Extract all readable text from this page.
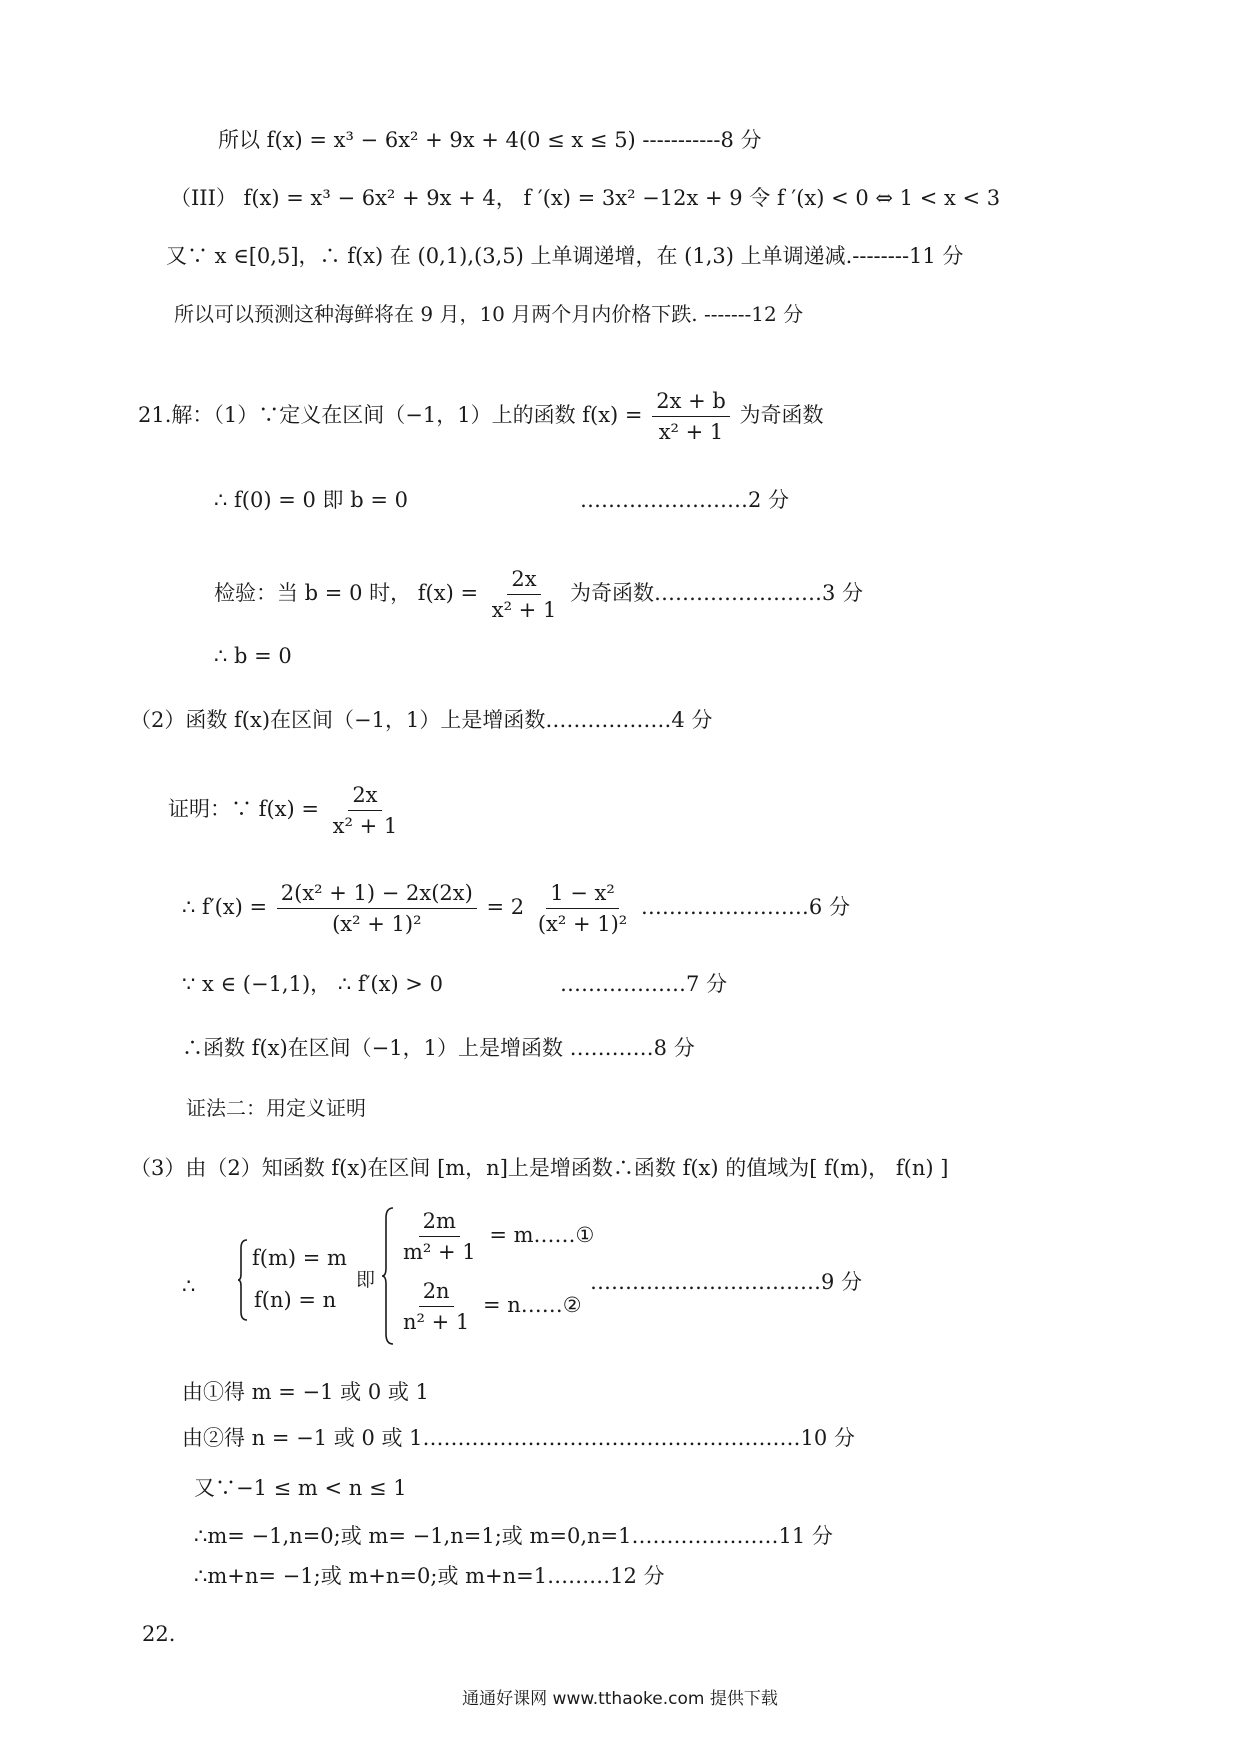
所以 f(x) = x³ − 6x² + 9x + 4(0 ≤ x ≤ 5) -----------8 分
（III） f(x) = x³ − 6x² + 9x + 4， f ′(x) = 3x² −12x + 9 令 f ′(x) < 0 ⇔ 1 < x < 3
又∵ x ∈[0,5]，∴ f(x) 在 (0,1),(3,5) 上单调递增，在 (1,3) 上单调递减.--------11 分
所以可以预测这种海鲜将在 9 月，10 月两个月内价格下跌. -------12 分
21.解：（1）∵定义在区间（−1，1）上的函数 $f(x) = \frac{2x + b}{\text{x² + 1}}$ 为奇函数
∴ f(0) = 0 即 b = 0	……………………2 分
检验：当 b = 0 时， $f(x) = \frac{2x}{\text{x² + 1}}$ 为奇函数……………………3 分
∴ b = 0
（2）函数 f(x)在区间（−1，1）上是增函数………………4 分
证明：∵ $f(x) = \frac{2x}{\text{x² + 1}}$
∴ $f'(x) = \frac{\text{2(x² + 1) − 2x(2x)}}{\text{(x² + 1)²}} = 2 \frac{\text{1 − x²}}{\text{(x² + 1)²}}$ ……………………6 分
∵ x ∈ (−1,1)， ∴ f′(x) > 0	………………7 分
∴函数 f(x)在区间（−1，1）上是增函数 …………8 分
证法二：用定义证明
（3）由（2）知函数 f(x)在区间 [m，n]上是增函数∴函数 f(x) 的值域为[ f(m)， f(n) ]
∴
f(m) = m
f(n) = n
即
$\frac{2m}{\text{m² + 1}}$ = m……①
$\frac{2n}{\text{n² + 1}}$ = n……②
……………………………9 分
由①得 m = −1 或 0 或 1
由②得 n = −1 或 0 或 1………………………………………………10 分
又∵−1 ≤ m < n ≤ 1
∴m= −1,n=0;或 m= −1,n=1;或 m=0,n=1…………………11 分
∴m+n= −1;或 m+n=0;或 m+n=1………12 分
22.
通通好课网 www.tthaoke.com 提供下载
